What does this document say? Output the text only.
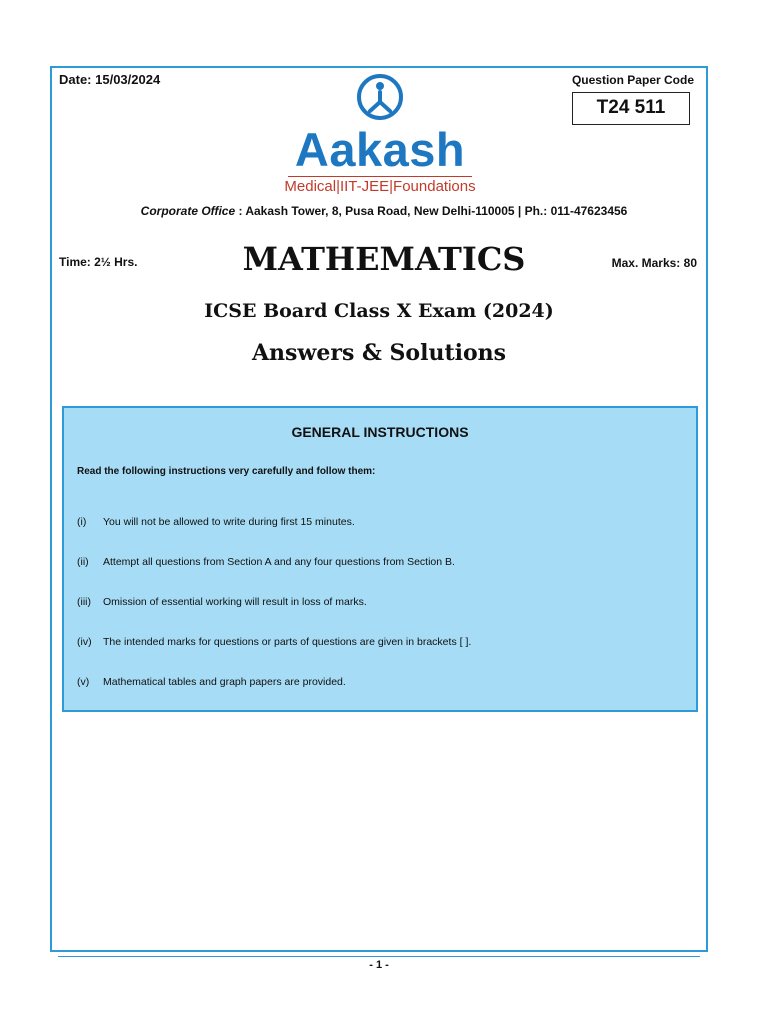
Date: 15/03/2024	Question Paper Code
T24 511
Aakash
Medical|IIT-JEE|Foundations
Corporate Office : Aakash Tower, 8, Pusa Road, New Delhi-110005 | Ph.: 011-47623456
Time: 2½ Hrs.	MATHEMATICS	Max. Marks: 80
ICSE Board Class X Exam (2024)
Answers & Solutions
GENERAL INSTRUCTIONS
Read the following instructions very carefully and follow them:
(i) You will not be allowed to write during first 15 minutes.
(ii) Attempt all questions from Section A and any four questions from Section B.
(iii) Omission of essential working will result in loss of marks.
(iv) The intended marks for questions or parts of questions are given in brackets [ ].
(v) Mathematical tables and graph papers are provided.
- 1 -
